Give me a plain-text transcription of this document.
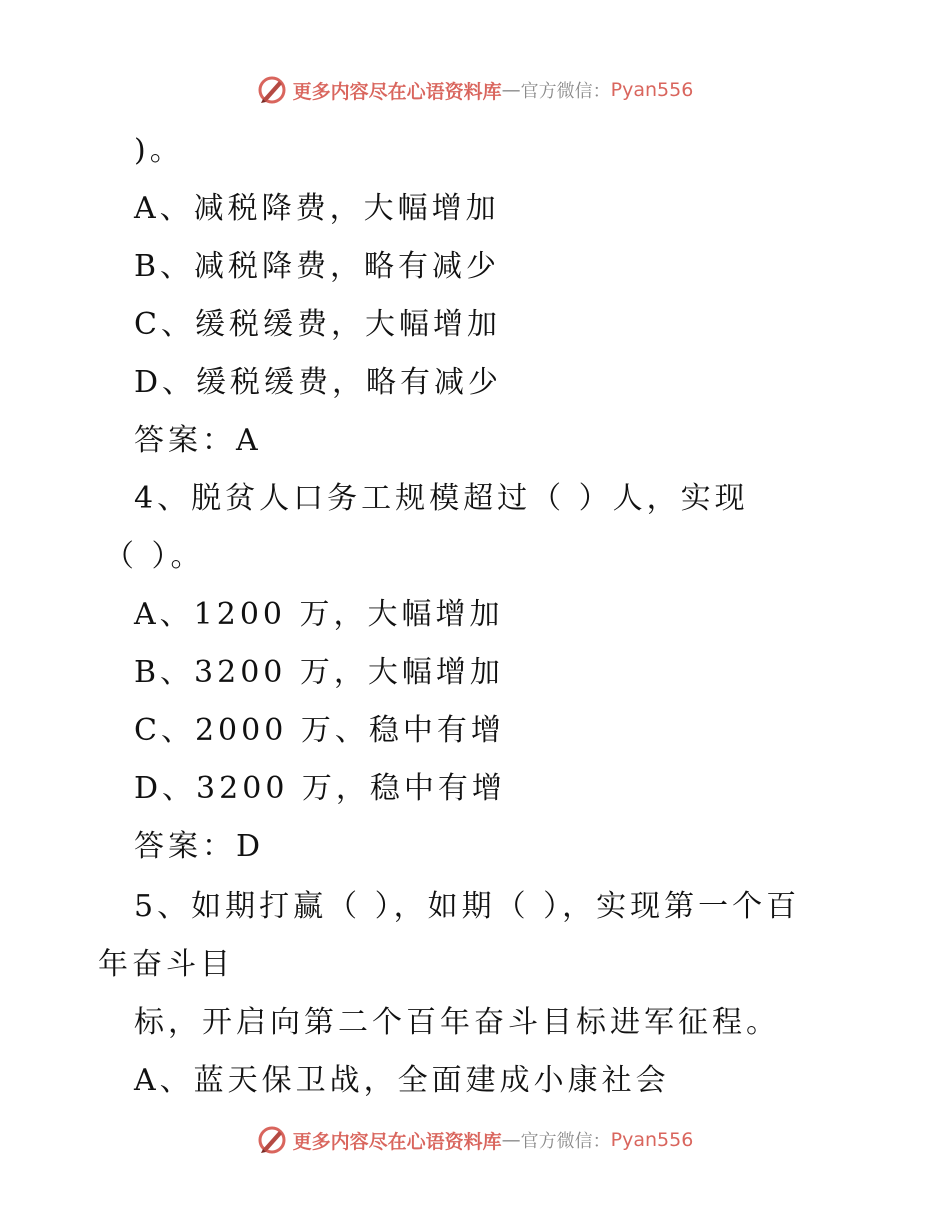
更多内容尽在心语资料库 — 官方微信： Pyan556
)。
A、减税降费，大幅增加
B、减税降费，略有减少
C、缓税缓费，大幅增加
D、缓税缓费，略有减少
答案：A
4、脱贫人口务工规模超过（ ）人，实现
（ ）。
A、1200 万，大幅增加
B、3200 万，大幅增加
C、2000 万、稳中有增
D、3200 万，稳中有增
答案：D
5、如期打赢（ ），如期（ ），实现第一个百
年奋斗目
标，开启向第二个百年奋斗目标进军征程。
A、蓝天保卫战，全面建成小康社会
更多内容尽在心语资料库 — 官方微信： Pyan556
